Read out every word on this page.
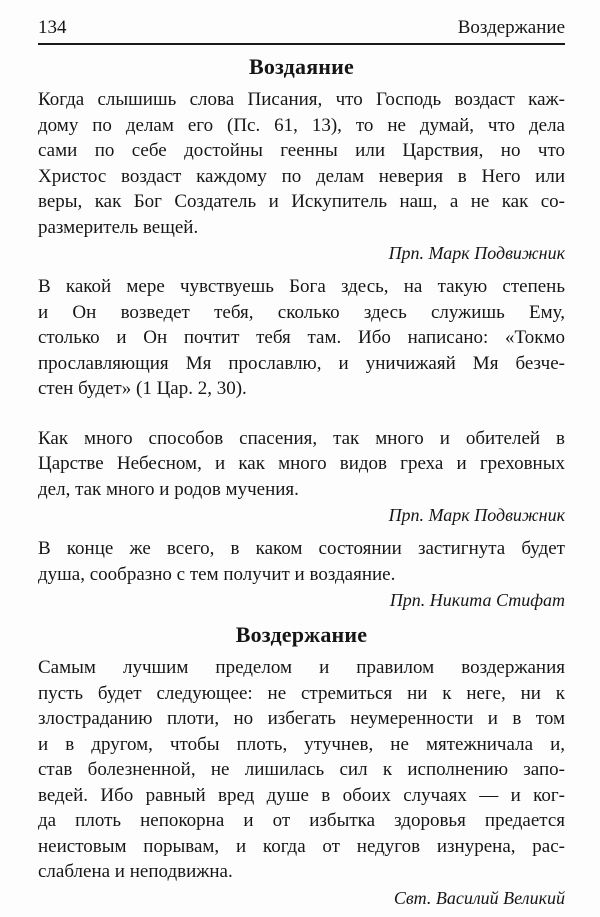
134	Воздержание
Воздаяние
Когда слышишь слова Писания, что Господь воздаст каж-
дому по делам его (Пс. 61, 13), то не думай, что дела
сами по себе достойны геенны или Царствия, но что
Христос воздаст каждому по делам неверия в Него или
веры, как Бог Создатель и Искупитель наш, а не как со-
размеритель вещей.
Прп. Марк Подвижник
В какой мере чувствуешь Бога здесь, на такую степень
и Он возведет тебя, сколько здесь служишь Ему,
столько и Он почтит тебя там. Ибо написано: «Токмо
прославляющия Мя прославлю, и уничижаяй Мя безче-
стен будет» (1 Цар. 2, 30).
Как много способов спасения, так много и обителей в
Царстве Небесном, и как много видов греха и греховных
дел, так много и родов мучения.
Прп. Марк Подвижник
В конце же всего, в каком состоянии застигнута будет
душа, сообразно с тем получит и воздаяние.
Прп. Никита Стифат
Воздержание
Самым лучшим пределом и правилом воздержания
пусть будет следующее: не стремиться ни к неге, ни к
злостраданию плоти, но избегать неумеренности и в том
и в другом, чтобы плоть, утучнев, не мятежничала и,
став болезненной, не лишилась сил к исполнению запо-
ведей. Ибо равный вред душе в обоих случаях — и ког-
да плоть непокорна и от избытка здоровья предается
неистовым порывам, и когда от недугов изнурена, рас-
слаблена и неподвижна.
Свт. Василий Великий
